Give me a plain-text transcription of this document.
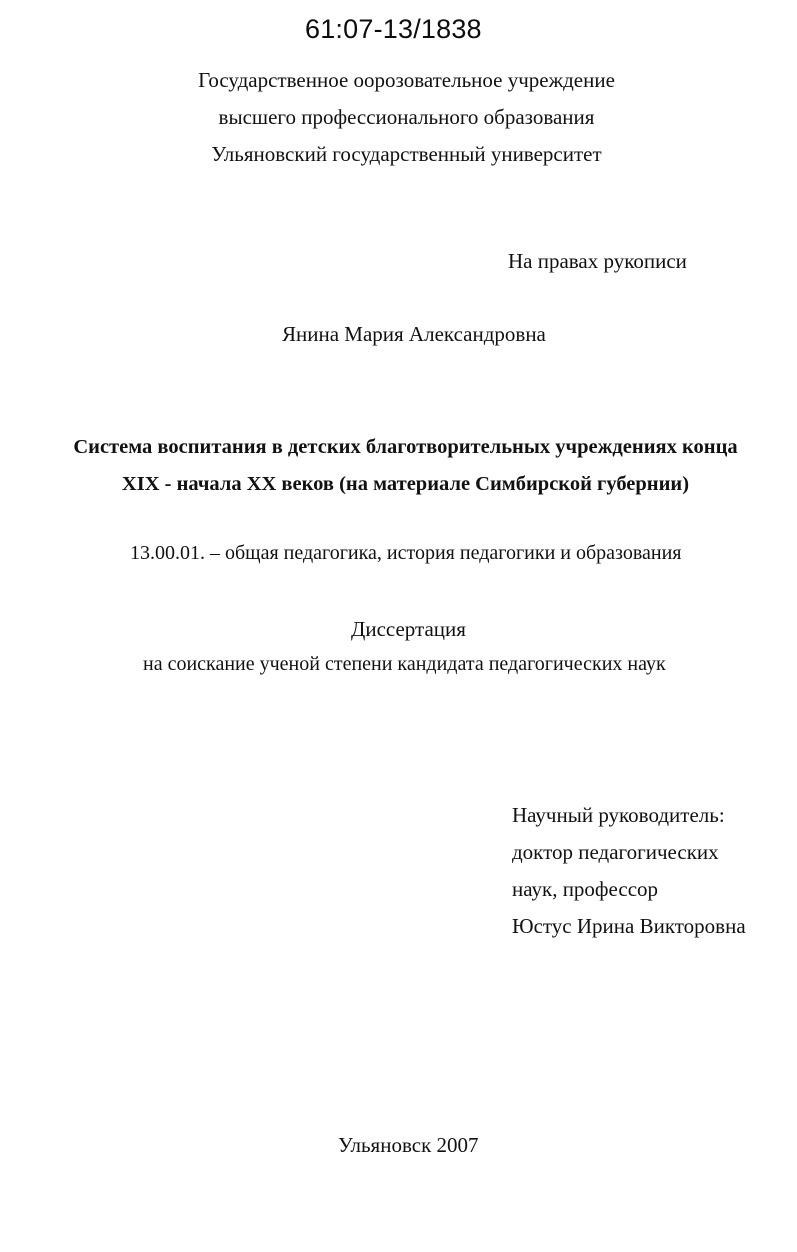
61:07-13/1838
Государственное оорозовательное учреждение
высшего профессионального образования
Ульяновский государственный университет
На правах рукописи
Янина Мария Александровна
Система воспитания в детских благотворительных учреждениях конца
XIX - начала XX веков (на материале Симбирской губернии)
13.00.01. – общая педагогика, история педагогики и образования
Диссертация
на соискание ученой степени кандидата педагогических наук
Научный руководитель:
доктор педагогических
наук, профессор
Юстус Ирина Викторовна
Ульяновск 2007
